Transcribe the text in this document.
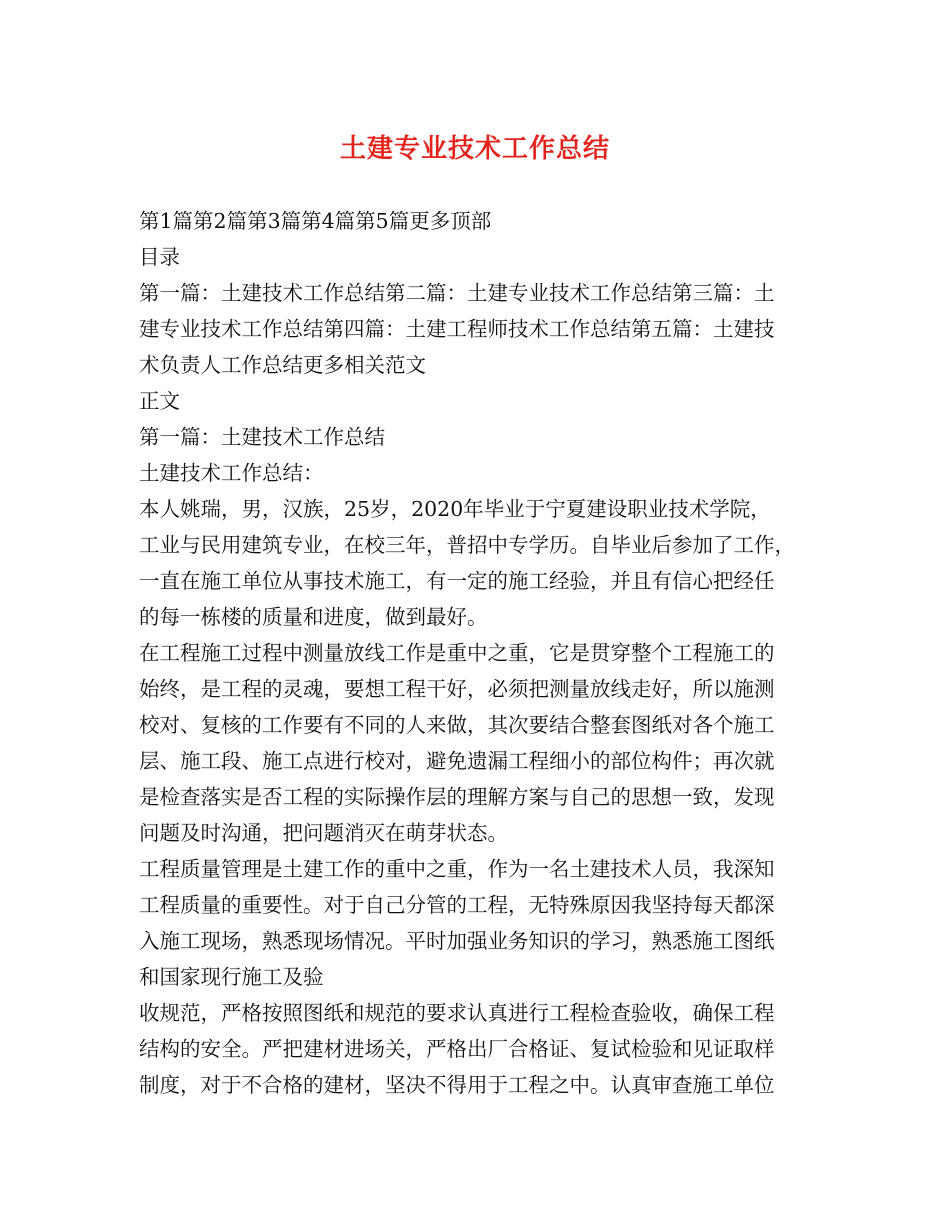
土建专业技术工作总结
第1篇第2篇第3篇第4篇第5篇更多顶部
目录
第一篇：土建技术工作总结第二篇：土建专业技术工作总结第三篇：土
建专业技术工作总结第四篇：土建工程师技术工作总结第五篇：土建技
术负责人工作总结更多相关范文
正文
第一篇：土建技术工作总结
土建技术工作总结：
本人姚瑞，男，汉族，25岁，2020年毕业于宁夏建设职业技术学院，
工业与民用建筑专业，在校三年，普招中专学历。自毕业后参加了工作，
一直在施工单位从事技术施工，有一定的施工经验，并且有信心把经任
的每一栋楼的质量和进度，做到最好。
在工程施工过程中测量放线工作是重中之重，它是贯穿整个工程施工的
始终，是工程的灵魂，要想工程干好，必须把测量放线走好，所以施测
校对、复核的工作要有不同的人来做，其次要结合整套图纸对各个施工
层、施工段、施工点进行校对，避免遗漏工程细小的部位构件；再次就
是检查落实是否工程的实际操作层的理解方案与自己的思想一致，发现
问题及时沟通，把问题消灭在萌芽状态。
工程质量管理是土建工作的重中之重，作为一名土建技术人员，我深知
工程质量的重要性。对于自己分管的工程，无特殊原因我坚持每天都深
入施工现场，熟悉现场情况。平时加强业务知识的学习，熟悉施工图纸
和国家现行施工及验
收规范，严格按照图纸和规范的要求认真进行工程检查验收，确保工程
结构的安全。严把建材进场关，严格出厂合格证、复试检验和见证取样
制度，对于不合格的建材，坚决不得用于工程之中。认真审查施工单位
